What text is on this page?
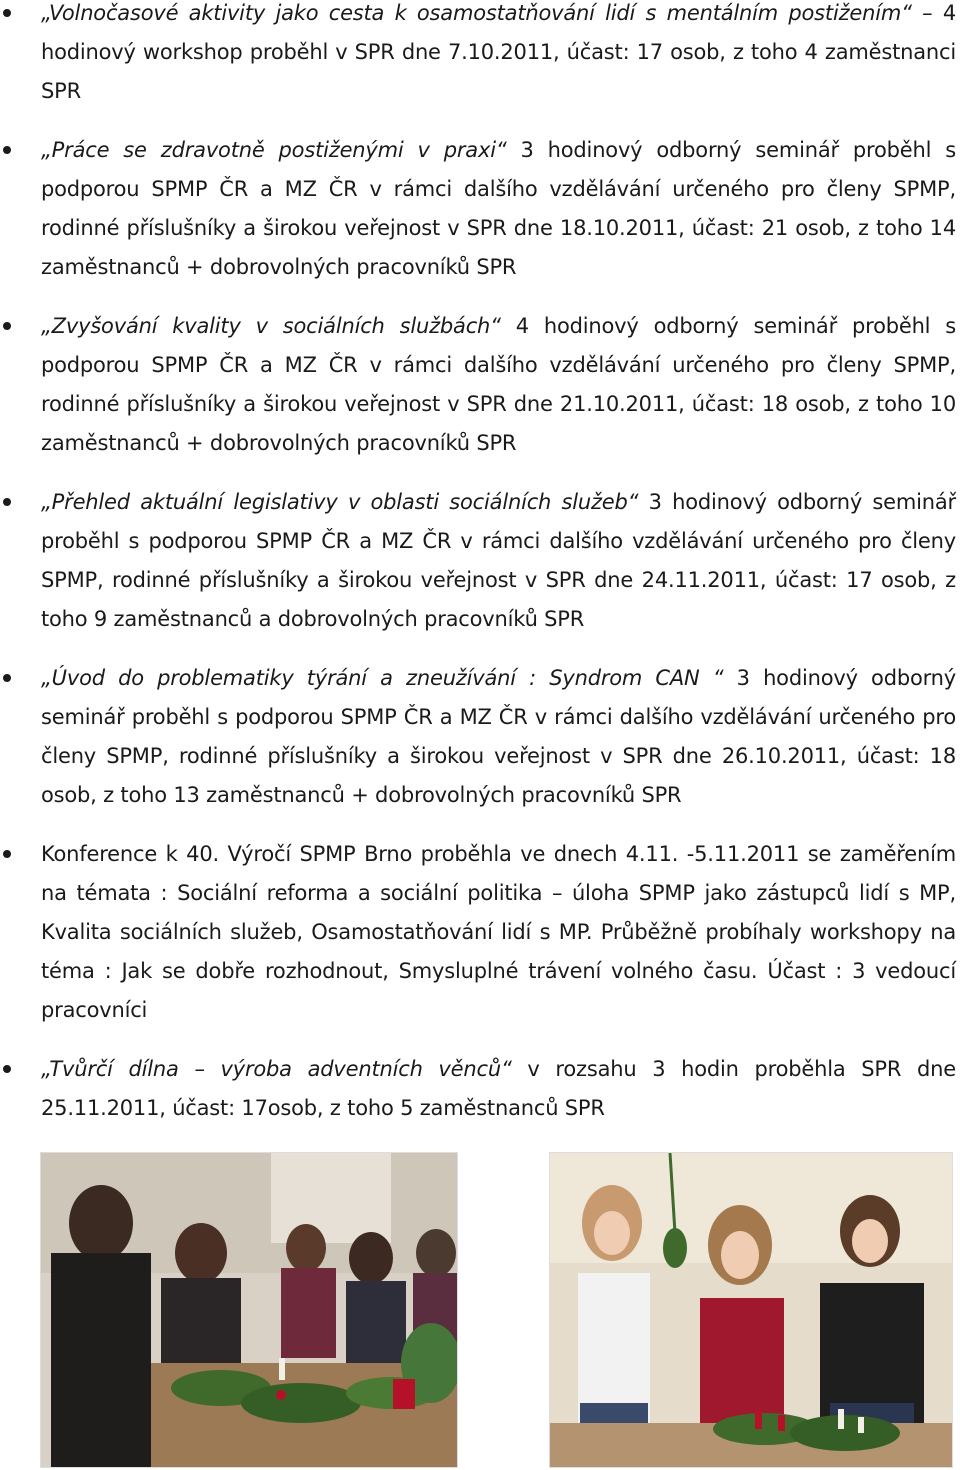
„Volnočasové aktivity jako cesta k osamostatňování lidí s mentálním postižením“ – 4 hodinový workshop proběhl v SPR dne 7.10.2011, účast: 17 osob, z toho 4 zaměstnanci SPR
„Práce se zdravotně postiženými v praxi“ 3 hodinový odborný seminář proběhl s podporou SPMP ČR a MZ ČR v rámci dalšího vzdělávání určeného pro členy SPMP, rodinné příslušníky a širokou veřejnost v SPR dne 18.10.2011, účast: 21 osob, z toho 14 zaměstnanců + dobrovolných pracovníků SPR
„Zvyšování kvality v sociálních službách“ 4 hodinový odborný seminář proběhl s podporou SPMP ČR a MZ ČR v rámci dalšího vzdělávání určeného pro členy SPMP, rodinné příslušníky a širokou veřejnost v SPR dne 21.10.2011, účast: 18 osob, z toho 10 zaměstnanců + dobrovolných pracovníků SPR
„Přehled aktuální legislativy v oblasti sociálních služeb“ 3 hodinový odborný seminář proběhl s podporou SPMP ČR a MZ ČR v rámci dalšího vzdělávání určeného pro členy SPMP, rodinné příslušníky a širokou veřejnost v SPR dne 24.11.2011, účast: 17 osob, z toho 9 zaměstnanců a dobrovolných pracovníků SPR
„Úvod do problematiky týrání a zneužívání : Syndrom CAN “ 3 hodinový odborný seminář proběhl s podporou SPMP ČR a MZ ČR v rámci dalšího vzdělávání určeného pro členy SPMP, rodinné příslušníky a širokou veřejnost v SPR dne 26.10.2011, účast: 18 osob, z toho 13 zaměstnanců + dobrovolných pracovníků SPR
Konference k 40. Výročí SPMP Brno proběhla ve dnech 4.11. -5.11.2011 se zaměřením na témata : Sociální reforma a sociální politika – úloha SPMP jako zástupců lidí s MP, Kvalita sociálních služeb, Osamostatňování lidí s MP. Průběžně probíhaly workshopy na téma : Jak se dobře rozhodnout, Smysluplné trávení volného času. Účast : 3 vedoucí pracovníci
„Tvůrčí dílna – výroba adventních věnců“ v rozsahu 3 hodin proběhla SPR dne 25.11.2011, účast: 17osob, z toho 5 zaměstnanců SPR
